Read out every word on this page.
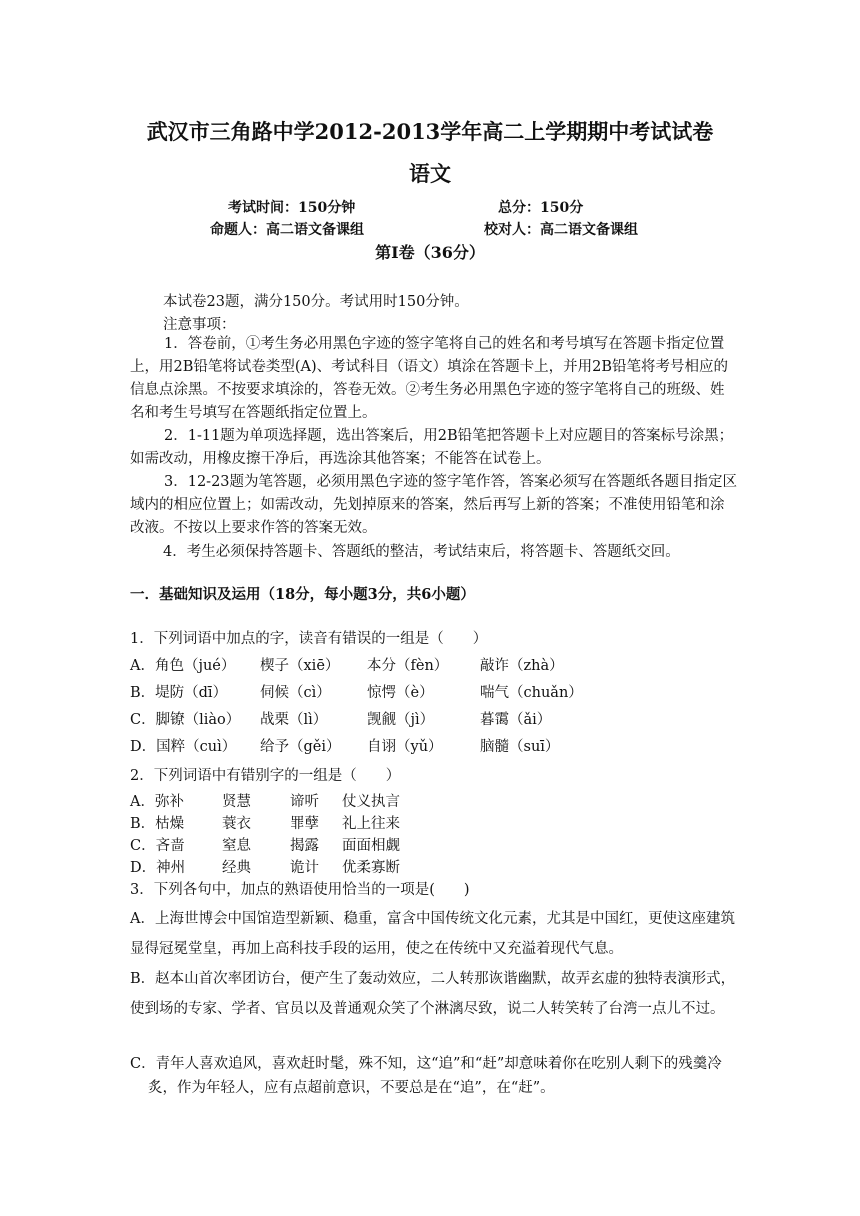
武汉市三角路中学2012-2013学年高二上学期期中考试试卷
语文
考试时间：150分钟	总分：150分
命题人：高二语文备课组	校对人：高二语文备课组
第Ⅰ卷（36分）
本试卷23题，满分150分。考试用时150分钟。
注意事项：
1．答卷前，①考生务必用黑色字迹的签字笔将自己的姓名和考号填写在答题卡指定位置上，用2B铅笔将试卷类型(A)、考试科目（语文）填涂在答题卡上，并用2B铅笔将考号相应的信息点涂黑。不按要求填涂的，答卷无效。②考生务必用黑色字迹的签字笔将自己的班级、姓名和考生号填写在答题纸指定位置上。
2．1-11题为单项选择题，选出答案后，用2B铅笔把答题卡上对应题目的答案标号涂黑；如需改动，用橡皮擦干净后，再选涂其他答案；不能答在试卷上。
3．12-23题为笔答题，必须用黑色字迹的签字笔作答，答案必须写在答题纸各题目指定区域内的相应位置上；如需改动，先划掉原来的答案，然后再写上新的答案；不准使用铅笔和涂改液。不按以上要求作答的答案无效。
4．考生必须保持答题卡、答题纸的整洁，考试结束后，将答题卡、答题纸交回。
一．基础知识及运用（18分，每小题3分，共6小题）
1．下列词语中加点的字，读音有错误的一组是（　　）
A．角色（jué）	楔子（xiē）	本分（fèn）	敲诈（zhà）
B．堤防（dī）	伺候（cì）	惊愕（è）	喘气（chuǎn）
C．脚镣（liào）	战栗（lì）	觊觎（jì）	暮霭（ǎi）
D．国粹（cuì）	给予（gěi）	自诩（yǔ）	脑髓（suī）
2．下列词语中有错别字的一组是（　　）
A．弥补	贤慧	谛听	仗义执言
B．枯燥	蓑衣	罪孽	礼上往来
C．吝啬	窒息	揭露	面面相觑
D．神州	经典	诡计	优柔寡断
3．下列各句中，加点的熟语使用恰当的一项是(　　)
A．上海世博会中国馆造型新颖、稳重，富含中国传统文化元素，尤其是中国红，更使这座建筑显得冠冕堂皇，再加上高科技手段的运用，使之在传统中又充溢着现代气息。
B．赵本山首次率团访台，便产生了轰动效应，二人转那诙谐幽默，故弄玄虚的独特表演形式，使到场的专家、学者、官员以及普通观众笑了个淋漓尽致，说二人转笑转了台湾一点儿不过。
C．青年人喜欢追风，喜欢赶时髦，殊不知，这“追”和“赶”却意味着你在吃别人剩下的残羹冷炙，作为年轻人，应有点超前意识，不要总是在“追”，在“赶”。
